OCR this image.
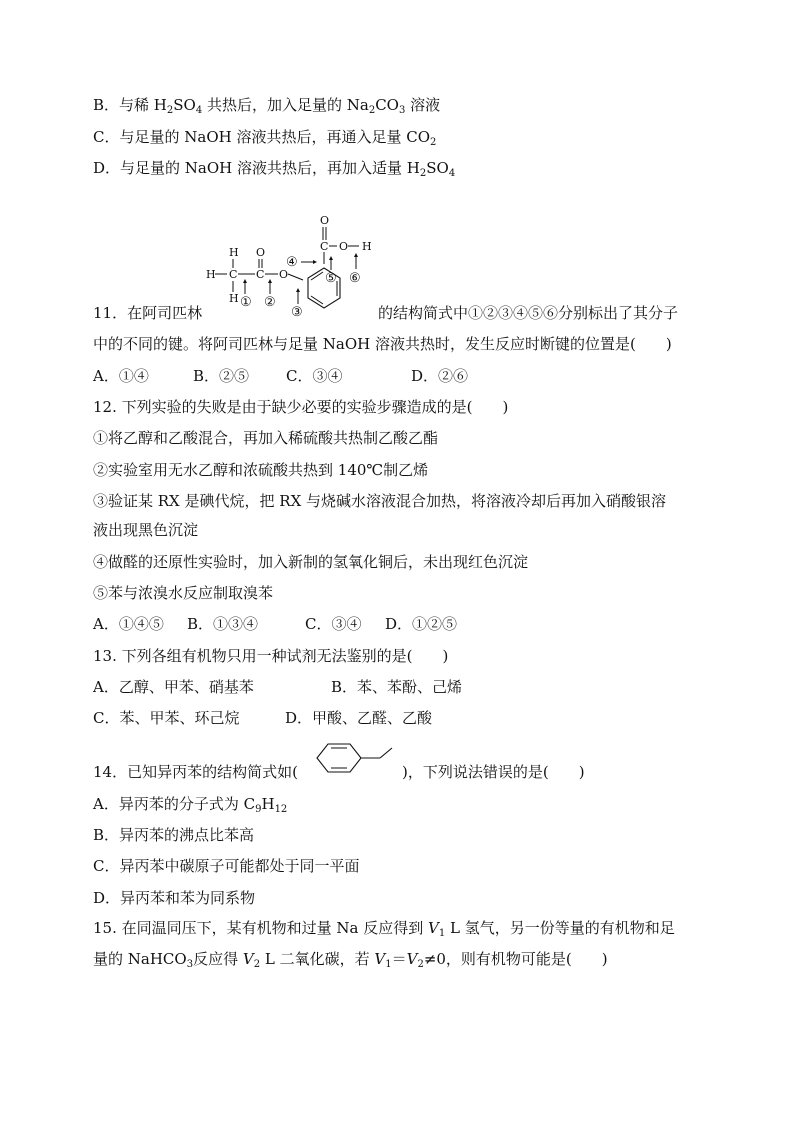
B．与稀 $H_2SO_4$ 共热后，加入足量的 $Na_2CO_3$ 溶液
C．与足量的 NaOH 溶液共热后，再通入足量 $CO_2$
D．与足量的 NaOH 溶液共热后，再加入适量 $H_2SO_4$
O
C O H
④
⑤ ⑥
H
H C
H
O
C O
① ②
③
11．在阿司匹林	的结构简式中①②③④⑤⑥分别标出了其分子
中的不同的键。将阿司匹林与足量 NaOH 溶液共热时，发生反应时断键的位置是(　　)
A．①④	B．②⑤ C．③④	D．②⑥
12. 下列实验的失败是由于缺少必要的实验步骤造成的是(　　)
①将乙醇和乙酸混合，再加入稀硫酸共热制乙酸乙酯
②实验室用无水乙醇和浓硫酸共热到 140℃制乙烯
③验证某 RX 是碘代烷，把 RX 与烧碱水溶液混合加热，将溶液冷却后再加入硝酸银溶
液出现黑色沉淀
④做醛的还原性实验时，加入新制的氢氧化铜后，未出现红色沉淀
⑤苯与浓溴水反应制取溴苯
A．①④⑤ B．①③④	C．③④ D．①②⑤
13. 下列各组有机物只用一种试剂无法鉴别的是(　　)
A．乙醇、甲苯、硝基苯	B．苯、苯酚、己烯
C．苯、甲苯、环己烷	D．甲酸、乙醛、乙酸
14．已知异丙苯的结构简式如(	)，下列说法错误的是(　　)
A．异丙苯的分子式为 $C_9H_{12}$
B．异丙苯的沸点比苯高
C．异丙苯中碳原子可能都处于同一平面
D．异丙苯和苯为同系物
15. 在同温同压下，某有机物和过量 Na 反应得到 $V_1$ L 氢气，另一份等量的有机物和足
量的 NaHCO$_3$反应得 $V_2$ L 二氧化碳，若 $V_1=V_2\ne 0$，则有机物可能是(　　)
